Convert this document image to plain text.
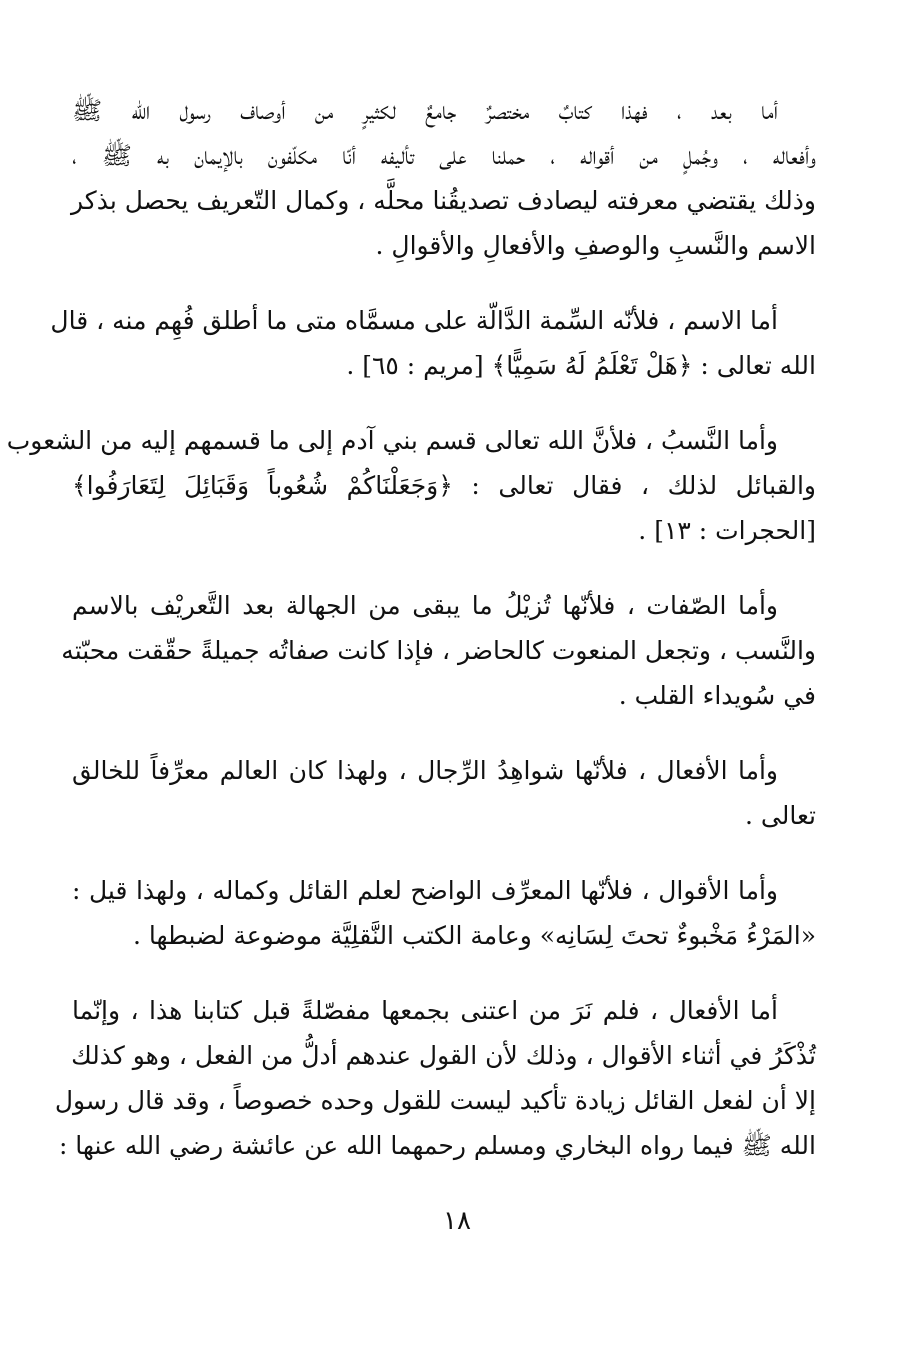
أما بعد ، فهذا كتابٌ مختصرٌ جامعٌ لكثيرٍ من أوصاف رسول الله ﷺ
وأفعاله ، وجُملٍ من أقواله ، حملنا على تأليفه أنّا مكلّفون بالإيمان به ﷺ ،
وذلك يقتضي معرفته ليصادف تصديقُنا محلَّه ، وكمال التّعريف يحصل بذكر
الاسم والنَّسبِ والوصفِ والأفعالِ والأقوالِ .

أما الاسم ، فلأنّه السِّمة الدَّالّة على مسمَّاه متى ما أطلق فُهِم منه ، قال
الله تعالى : ﴿هَلْ تَعْلَمُ لَهُ سَمِيًّا﴾ [مريم : ٦٥] .

وأما النَّسبُ ، فلأنَّ الله تعالى قسم بني آدم إلى ما قسمهم إليه من الشعوب
والقبائل لذلك ، فقال تعالى : ﴿وَجَعَلْنَاكُمْ شُعُوباً وَقَبَائِلَ لِتَعَارَفُوا﴾
[الحجرات : ١٣] .

وأما الصّفات ، فلأنّها تُزيْلُ ما يبقى من الجهالة بعد التَّعريْف بالاسم
والنَّسب ، وتجعل المنعوت كالحاضر ، فإذا كانت صفاتُه جميلةً حقّقت محبّته
في سُويداء القلب .

وأما الأفعال ، فلأنّها شواهِدُ الرِّجال ، ولهذا كان العالم معرِّفاً للخالق
تعالى .

وأما الأقوال ، فلأنّها المعرِّف الواضح لعلم القائل وكماله ، ولهذا قيل :
«المَرْءُ مَخْبوءٌ تحتَ لِسَانِه» وعامة الكتب النَّقلِيَّة موضوعة لضبطها .

أما الأفعال ، فلم نَرَ من اعتنى بجمعها مفصّلةً قبل كتابنا هذا ، وإنّما
تُذْكَرُ في أثناء الأقوال ، وذلك لأن القول عندهم أدلُّ من الفعل ، وهو كذلك
إلا أن لفعل القائل زيادة تأكيد ليست للقول وحده خصوصاً ، وقد قال رسول
الله ﷺ فيما رواه البخاري ومسلم رحمهما الله عن عائشة رضي الله عنها :

١٨
